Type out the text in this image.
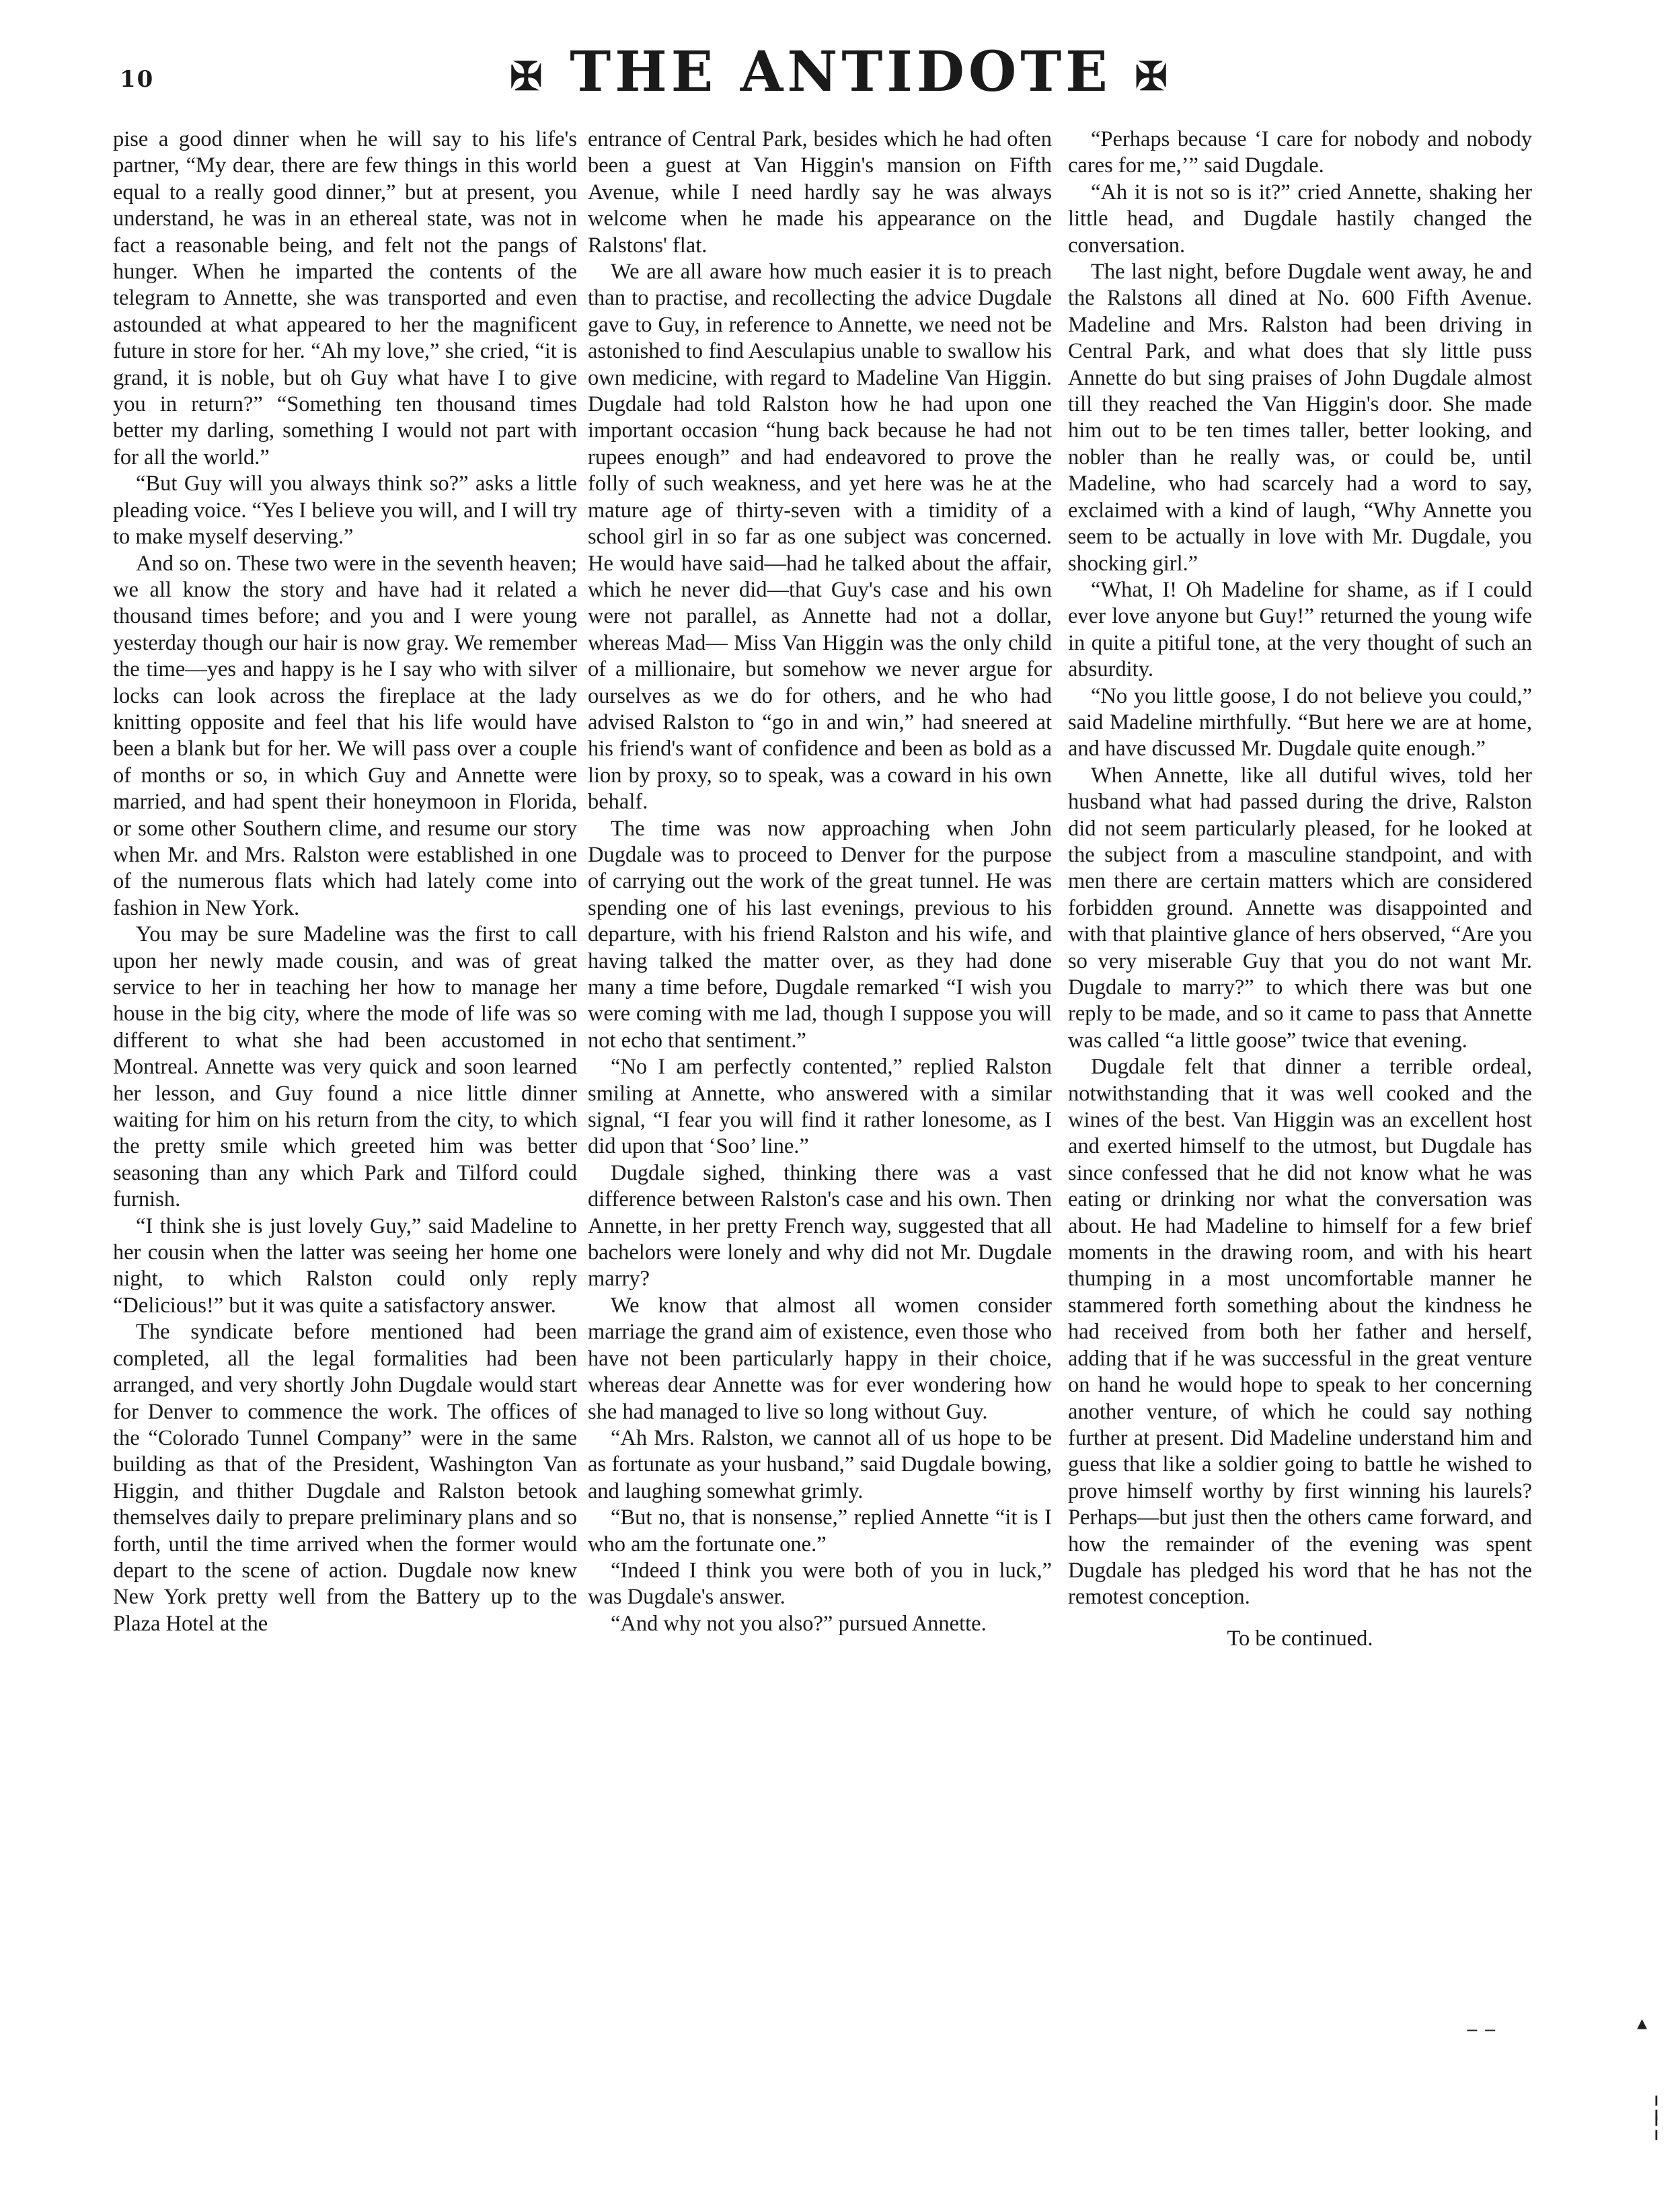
10	✠ THE ANTIDOTE ✠

pise a good dinner when he will say to his life's partner, “My dear, there are few things in this world equal to a really good dinner,” but at present, you understand, he was in an ethereal state, was not in fact a reasonable being, and felt not the pangs of hunger. When he imparted the contents of the telegram to Annette, she was transported and even astounded at what appeared to her the magnificent future in store for her. “Ah my love,” she cried, “it is grand, it is noble, but oh Guy what have I to give you in return?” “Something ten thousand times better my darling, something I would not part with for all the world.”

“But Guy will you always think so?” asks a little pleading voice. “Yes I believe you will, and I will try to make myself deserving.”

And so on. These two were in the seventh heaven; we all know the story and have had it related a thousand times before; and you and I were young yesterday though our hair is now gray. We remember the time—yes and happy is he I say who with silver locks can look across the fireplace at the lady knitting opposite and feel that his life would have been a blank but for her. We will pass over a couple of months or so, in which Guy and Annette were married, and had spent their honeymoon in Florida, or some other Southern clime, and resume our story when Mr. and Mrs. Ralston were established in one of the numerous flats which had lately come into fashion in New York.

You may be sure Madeline was the first to call upon her newly made cousin, and was of great service to her in teaching her how to manage her house in the big city, where the mode of life was so different to what she had been accustomed in Montreal. Annette was very quick and soon learned her lesson, and Guy found a nice little dinner waiting for him on his return from the city, to which the pretty smile which greeted him was better seasoning than any which Park and Tilford could furnish.

“I think she is just lovely Guy,” said Madeline to her cousin when the latter was seeing her home one night, to which Ralston could only reply “Delicious!” but it was quite a satisfactory answer.

The syndicate before mentioned had been completed, all the legal formalities had been arranged, and very shortly John Dugdale would start for Denver to commence the work. The offices of the “Colorado Tunnel Company” were in the same building as that of the President, Washington Van Higgin, and thither Dugdale and Ralston betook themselves daily to prepare preliminary plans and so forth, until the time arrived when the former would depart to the scene of action. Dugdale now knew New York pretty well from the Battery up to the Plaza Hotel at the

entrance of Central Park, besides which he had often been a guest at Van Higgin's mansion on Fifth Avenue, while I need hardly say he was always welcome when he made his appearance on the Ralstons' flat.

We are all aware how much easier it is to preach than to practise, and recollecting the advice Dugdale gave to Guy, in reference to Annette, we need not be astonished to find Aesculapius unable to swallow his own medicine, with regard to Madeline Van Higgin. Dugdale had told Ralston how he had upon one important occasion “hung back because he had not rupees enough” and had endeavored to prove the folly of such weakness, and yet here was he at the mature age of thirty-seven with a timidity of a school girl in so far as one subject was concerned. He would have said—had he talked about the affair, which he never did—that Guy's case and his own were not parallel, as Annette had not a dollar, whereas Mad— Miss Van Higgin was the only child of a millionaire, but somehow we never argue for ourselves as we do for others, and he who had advised Ralston to “go in and win,” had sneered at his friend's want of confidence and been as bold as a lion by proxy, so to speak, was a coward in his own behalf.

The time was now approaching when John Dugdale was to proceed to Denver for the purpose of carrying out the work of the great tunnel. He was spending one of his last evenings, previous to his departure, with his friend Ralston and his wife, and having talked the matter over, as they had done many a time before, Dugdale remarked “I wish you were coming with me lad, though I suppose you will not echo that sentiment.”

“No I am perfectly contented,” replied Ralston smiling at Annette, who answered with a similar signal, “I fear you will find it rather lonesome, as I did upon that ‘Soo’ line.”

Dugdale sighed, thinking there was a vast difference between Ralston's case and his own. Then Annette, in her pretty French way, suggested that all bachelors were lonely and why did not Mr. Dugdale marry?

We know that almost all women consider marriage the grand aim of existence, even those who have not been particularly happy in their choice, whereas dear Annette was for ever wondering how she had managed to live so long without Guy.

“Ah Mrs. Ralston, we cannot all of us hope to be as fortunate as your husband,” said Dugdale bowing, and laughing somewhat grimly.

“But no, that is nonsense,” replied Annette “it is I who am the fortunate one.”

“Indeed I think you were both of you in luck,” was Dugdale's answer.

“And why not you also?” pursued Annette.

“Perhaps because ‘I care for nobody and nobody cares for me,’” said Dugdale.

“Ah it is not so is it?” cried Annette, shaking her little head, and Dugdale hastily changed the conversation.

The last night, before Dugdale went away, he and the Ralstons all dined at No. 600 Fifth Avenue. Madeline and Mrs. Ralston had been driving in Central Park, and what does that sly little puss Annette do but sing praises of John Dugdale almost till they reached the Van Higgin's door. She made him out to be ten times taller, better looking, and nobler than he really was, or could be, until Madeline, who had scarcely had a word to say, exclaimed with a kind of laugh, “Why Annette you seem to be actually in love with Mr. Dugdale, you shocking girl.”

“What, I! Oh Madeline for shame, as if I could ever love anyone but Guy!” returned the young wife in quite a pitiful tone, at the very thought of such an absurdity.

“No you little goose, I do not believe you could,” said Madeline mirthfully. “But here we are at home, and have discussed Mr. Dugdale quite enough.”

When Annette, like all dutiful wives, told her husband what had passed during the drive, Ralston did not seem particularly pleased, for he looked at the subject from a masculine standpoint, and with men there are certain matters which are considered forbidden ground. Annette was disappointed and with that plaintive glance of hers observed, “Are you so very miserable Guy that you do not want Mr. Dugdale to marry?” to which there was but one reply to be made, and so it came to pass that Annette was called “a little goose” twice that evening.

Dugdale felt that dinner a terrible ordeal, notwithstanding that it was well cooked and the wines of the best. Van Higgin was an excellent host and exerted himself to the utmost, but Dugdale has since confessed that he did not know what he was eating or drinking nor what the conversation was about. He had Madeline to himself for a few brief moments in the drawing room, and with his heart thumping in a most uncomfortable manner he stammered forth something about the kindness he had received from both her father and herself, adding that if he was successful in the great venture on hand he would hope to speak to her concerning another venture, of which he could say nothing further at present. Did Madeline understand him and guess that like a soldier going to battle he wished to prove himself worthy by first winning his laurels? Perhaps—but just then the others came forward, and how the remainder of the evening was spent Dugdale has pledged his word that he has not the remotest conception.

To be continued.

▴
‒ ‒
╎
╎
